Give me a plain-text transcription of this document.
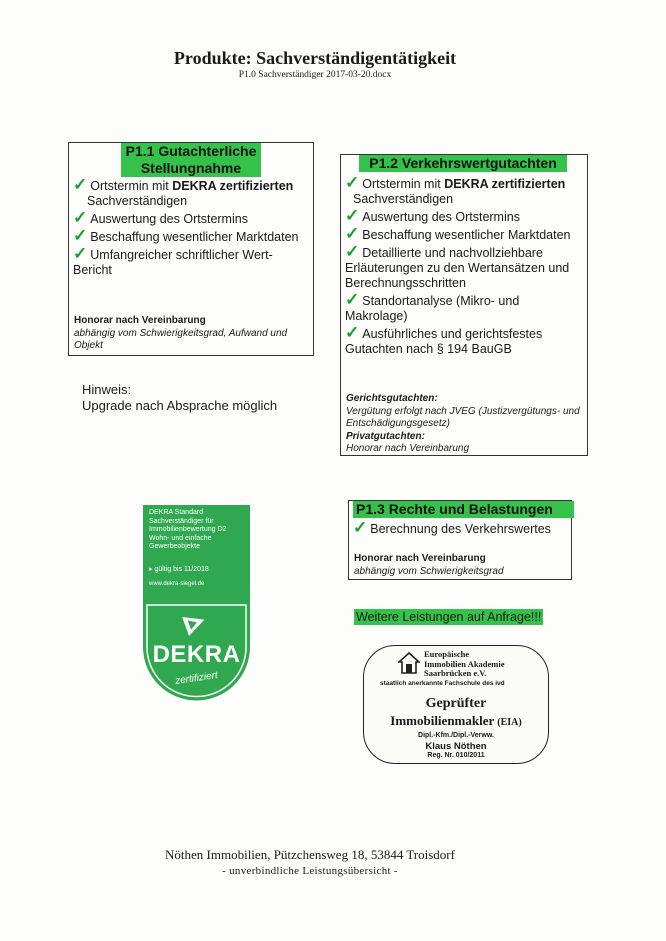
Produkte: Sachverständigentätigkeit
P1.0 Sachverständiger 2017-03-20.docx
P1.1 Gutachterliche
Stellungnahme
✓ Ortstermin mit DEKRA zertifizierten
Sachverständigen
✓ Auswertung des Ortstermins
✓ Beschaffung wesentlicher Marktdaten
✓ Umfangreicher schriftlicher Wert-Bericht
Honorar nach Vereinbarung
abhängig vom Schwierigkeitsgrad, Aufwand und Objekt
Hinweis:
Upgrade nach Absprache möglich
P1.2 Verkehrswertgutachten
✓ Ortstermin mit DEKRA zertifizierten
Sachverständigen
✓ Auswertung des Ortstermins
✓ Beschaffung wesentlicher Marktdaten
✓ Detaillierte und nachvollziehbare Erläuterungen zu den Wertansätzen und Berechnungsschritten
✓ Standortanalyse (Mikro- und Makrolage)
✓ Ausführliches und gerichtsfestes Gutachten nach § 194 BauGB
Gerichtsgutachten:
Vergütung erfolgt nach JVEG (Justizvergütungs- und Entschädigungsgesetz)
Privatgutachten:
Honorar nach Vereinbarung
P1.3 Rechte und Belastungen
✓ Berechnung des Verkehrswertes
Honorar nach Vereinbarung
abhängig vom Schwierigkeitsgrad
Weitere Leistungen auf Anfrage!!!
DEKRA Standard
Sachverständiger für
Immobilienbewertung D2
Wohn- und einfache
Gewerbeobjekte
▸ gültig bis 11/2018
www.dekra-siegel.de
DEKRA
zertifiziert
Europäische
Immobilien Akademie
Saarbrücken e.V.
staatlich anerkannte Fachschule des ivd
Geprüfter
Immobilienmakler (EIA)
Dipl.-Kfm./Dipl.-Verww.
Klaus Nöthen
Reg. Nr. 010/2011
Nöthen Immobilien, Pützchensweg 18, 53844 Troisdorf
- unverbindliche Leistungsübersicht -
